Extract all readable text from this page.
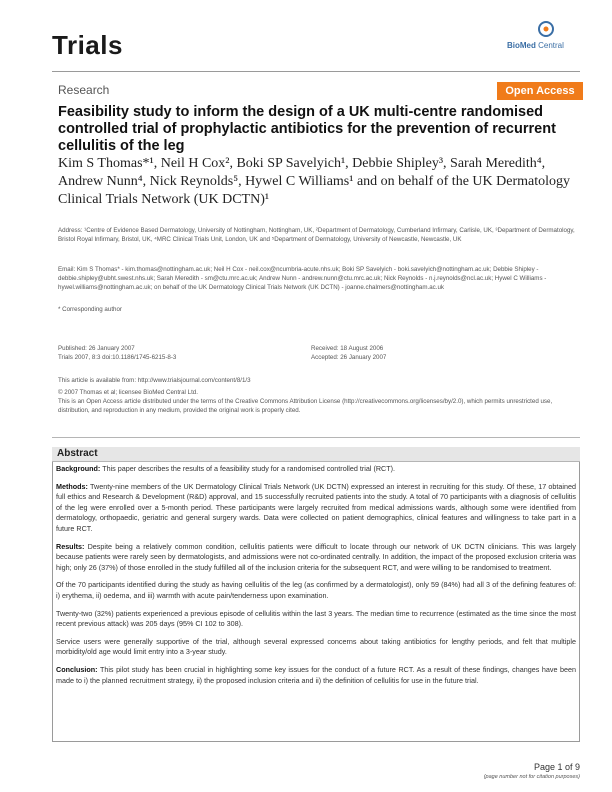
Trials	BioMed Central
Research	Open Access
Feasibility study to inform the design of a UK multi-centre randomised controlled trial of prophylactic antibiotics for the prevention of recurrent cellulitis of the leg
Kim S Thomas*¹, Neil H Cox², Boki SP Savelyich¹, Debbie Shipley³, Sarah Meredith⁴, Andrew Nunn⁴, Nick Reynolds⁵, Hywel C Williams¹ and on behalf of the UK Dermatology Clinical Trials Network (UK DCTN)¹
Address: ¹Centre of Evidence Based Dermatology, University of Nottingham, Nottingham, UK, ²Department of Dermatology, Cumberland Infirmary, Carlisle, UK, ³Department of Dermatology, Bristol Royal Infirmary, Bristol, UK, ⁴MRC Clinical Trials Unit, London, UK and ⁵Department of Dermatology, University of Newcastle, Newcastle, UK
Email: Kim S Thomas* - kim.thomas@nottingham.ac.uk; Neil H Cox - neil.cox@ncumbria-acute.nhs.uk; Boki SP Savelyich - boki.savelyich@nottingham.ac.uk; Debbie Shipley - debbie.shipley@ubht.swest.nhs.uk; Sarah Meredith - sm@ctu.mrc.ac.uk; Andrew Nunn - andrew.nunn@ctu.mrc.ac.uk; Nick Reynolds - n.j.reynolds@ncl.ac.uk; Hywel C Williams - hywel.williams@nottingham.ac.uk; on behalf of the UK Dermatology Clinical Trials Network (UK DCTN) - joanne.chalmers@nottingham.ac.uk
* Corresponding author
Published: 26 January 2007
Trials 2007, 8:3 doi:10.1186/1745-6215-8-3
Received: 18 August 2006
Accepted: 26 January 2007
This article is available from: http://www.trialsjournal.com/content/8/1/3
© 2007 Thomas et al; licensee BioMed Central Ltd.
This is an Open Access article distributed under the terms of the Creative Commons Attribution License (http://creativecommons.org/licenses/by/2.0), which permits unrestricted use, distribution, and reproduction in any medium, provided the original work is properly cited.
Abstract

Background: This paper describes the results of a feasibility study for a randomised controlled trial (RCT).

Methods: Twenty-nine members of the UK Dermatology Clinical Trials Network (UK DCTN) expressed an interest in recruiting for this study. Of these, 17 obtained full ethics and Research & Development (R&D) approval, and 15 successfully recruited patients into the study. A total of 70 participants with a diagnosis of cellulitis of the leg were enrolled over a 5-month period. These participants were largely recruited from medical admissions wards, although some were identified from dermatology, orthopaedic, geriatric and general surgery wards. Data were collected on patient demographics, clinical features and willingness to take part in a future RCT.

Results: Despite being a relatively common condition, cellulitis patients were difficult to locate through our network of UK DCTN clinicians. This was largely because patients were rarely seen by dermatologists, and admissions were not co-ordinated centrally. In addition, the impact of the proposed exclusion criteria was high; only 26 (37%) of those enrolled in the study fulfilled all of the inclusion criteria for the subsequent RCT, and were willing to be randomised to treatment.

Of the 70 participants identified during the study as having cellulitis of the leg (as confirmed by a dermatologist), only 59 (84%) had all 3 of the defining features of: i) erythema, ii) oedema, and iii) warmth with acute pain/tenderness upon examination.

Twenty-two (32%) patients experienced a previous episode of cellulitis within the last 3 years. The median time to recurrence (estimated as the time since the most recent previous attack) was 205 days (95% CI 102 to 308).

Service users were generally supportive of the trial, although several expressed concerns about taking antibiotics for lengthy periods, and felt that multiple morbidity/old age would limit entry into a 3-year study.

Conclusion: This pilot study has been crucial in highlighting some key issues for the conduct of a future RCT. As a result of these findings, changes have been made to i) the planned recruitment strategy, ii) the proposed inclusion criteria and ii) the definition of cellulitis for use in the future trial.

Page 1 of 9
(page number not for citation purposes)
